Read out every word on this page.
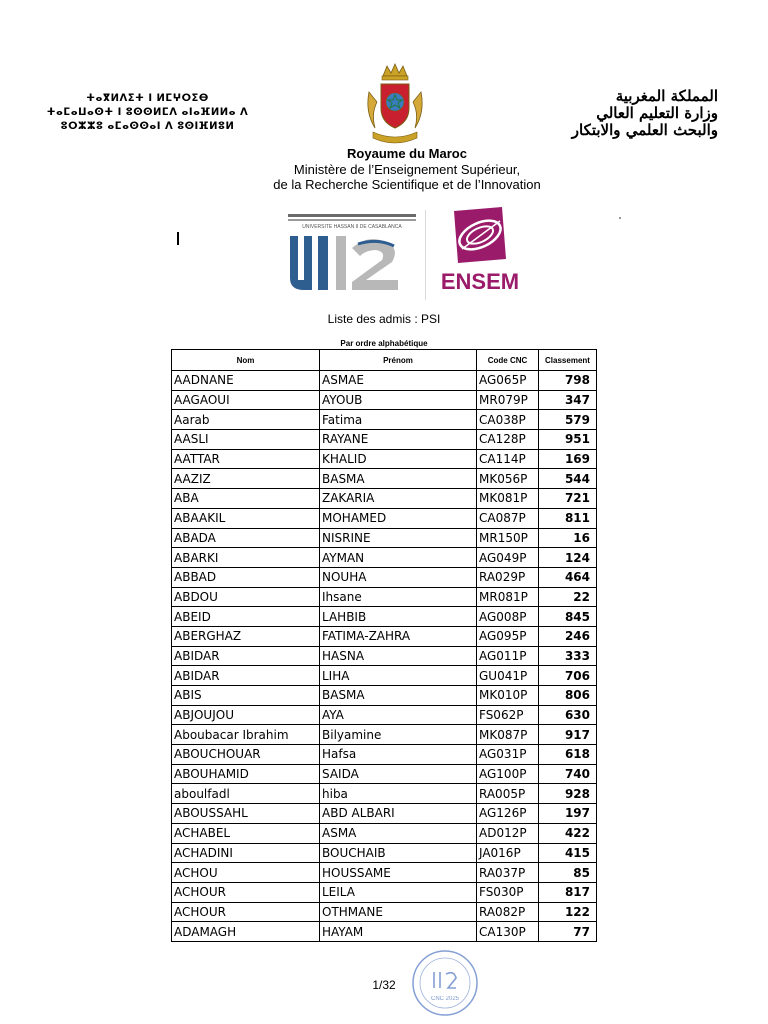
ⵜⴰⴳⵍⴷⵉⵜ ⵏ ⵍⵎⵖⵔⵉⴱ
ⵜⴰⵎⴰⵡⴰⵙⵜ ⵏ ⵓⵙⵙⵍⵎⴷ ⴰⵏⴰⴼⵍⵍⴰ ⴷ
ⵓⵔⵣⵣⵓ ⴰⵎⴰⵙⵙⴰⵏ ⴷ ⵓⵙⵏⴼⵍⵓⵍ
المملكة المغربية
وزارة التعليم العالي
والبحث العلمي والابتكار
Royaume du Maroc
Ministère de l’Enseignement Supérieur,
de la Recherche Scientifique et de l’Innovation
UNIVERSITE HASSAN II DE CASABLANCA
ENSEM
Liste des admis : PSI
Par ordre alphabétique
Nom	Prénom	Code CNC	Classement
AADNANE	ASMAE	AG065P	798
AAGAOUI	AYOUB	MR079P	347
Aarab	Fatima	CA038P	579
AASLI	RAYANE	CA128P	951
AATTAR	KHALID	CA114P	169
AAZIZ	BASMA	MK056P	544
ABA	ZAKARIA	MK081P	721
ABAAKIL	MOHAMED	CA087P	811
ABADA	NISRINE	MR150P	16
ABARKI	AYMAN	AG049P	124
ABBAD	NOUHA	RA029P	464
ABDOU	Ihsane	MR081P	22
ABEID	LAHBIB	AG008P	845
ABERGHAZ	FATIMA-ZAHRA	AG095P	246
ABIDAR	HASNA	AG011P	333
ABIDAR	LIHA	GU041P	706
ABIS	BASMA	MK010P	806
ABJOUJOU	AYA	FS062P	630
Aboubacar Ibrahim	Bilyamine	MK087P	917
ABOUCHOUAR	Hafsa	AG031P	618
ABOUHAMID	SAIDA	AG100P	740
aboulfadl	hiba	RA005P	928
ABOUSSAHL	ABD ALBARI	AG126P	197
ACHABEL	ASMA	AD012P	422
ACHADINI	BOUCHAIB	JA016P	415
ACHOU	HOUSSAME	RA037P	85
ACHOUR	LEILA	FS030P	817
ACHOUR	OTHMANE	RA082P	122
ADAMAGH	HAYAM	CA130P	77
1/32
CNC 2025
